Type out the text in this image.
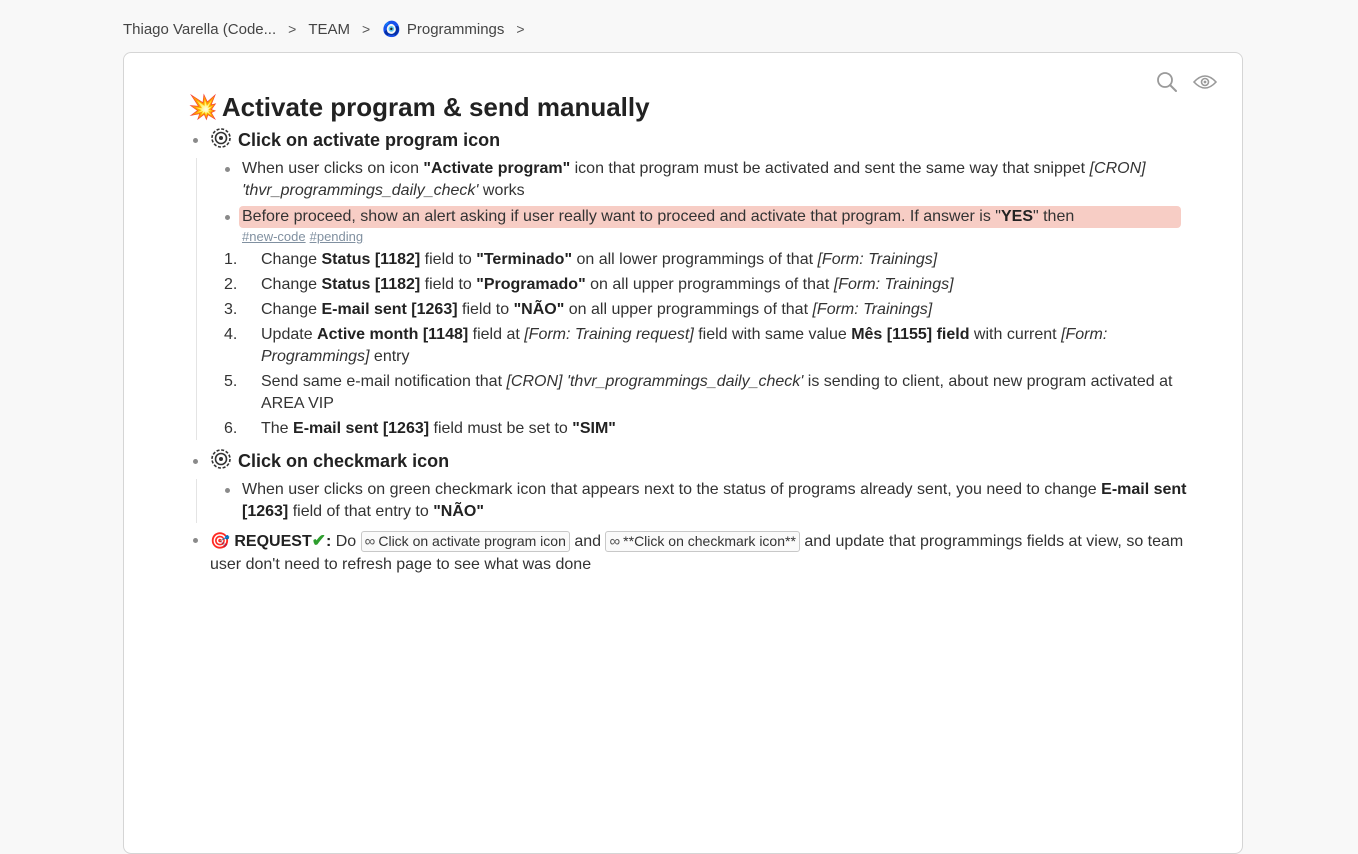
Thiago Varella (Code... > TEAM > 🧿 Programmings >
💥 Activate program & send manually
Click on activate program icon
When user clicks on icon "Activate program" icon that program must be activated and sent the same way that snippet [CRON] 'thvr_programmings_daily_check' works
Before proceed, show an alert asking if user really want to proceed and activate that program. If answer is "YES" then
#new-code #pending
1. Change Status [1182] field to "Terminado" on all lower programmings of that [Form: Trainings]
2. Change Status [1182] field to "Programado" on all upper programmings of that [Form: Trainings]
3. Change E-mail sent [1263] field to "NÃO" on all upper programmings of that [Form: Trainings]
4. Update Active month [1148] field at [Form: Training request] field with same value Mês [1155] field with current [Form: Programmings] entry
5. Send same e-mail notification that [CRON] 'thvr_programmings_daily_check' is sending to client, about new program activated at AREA VIP
6. The E-mail sent [1263] field must be set to "SIM"
Click on checkmark icon
When user clicks on green checkmark icon that appears next to the status of programs already sent, you need to change E-mail sent [1263] field of that entry to "NÃO"
🎯 REQUEST✔: Do ∞ Click on activate program icon and ∞ **Click on checkmark icon** and update that programmings fields at view, so team user don't need to refresh page to see what was done
